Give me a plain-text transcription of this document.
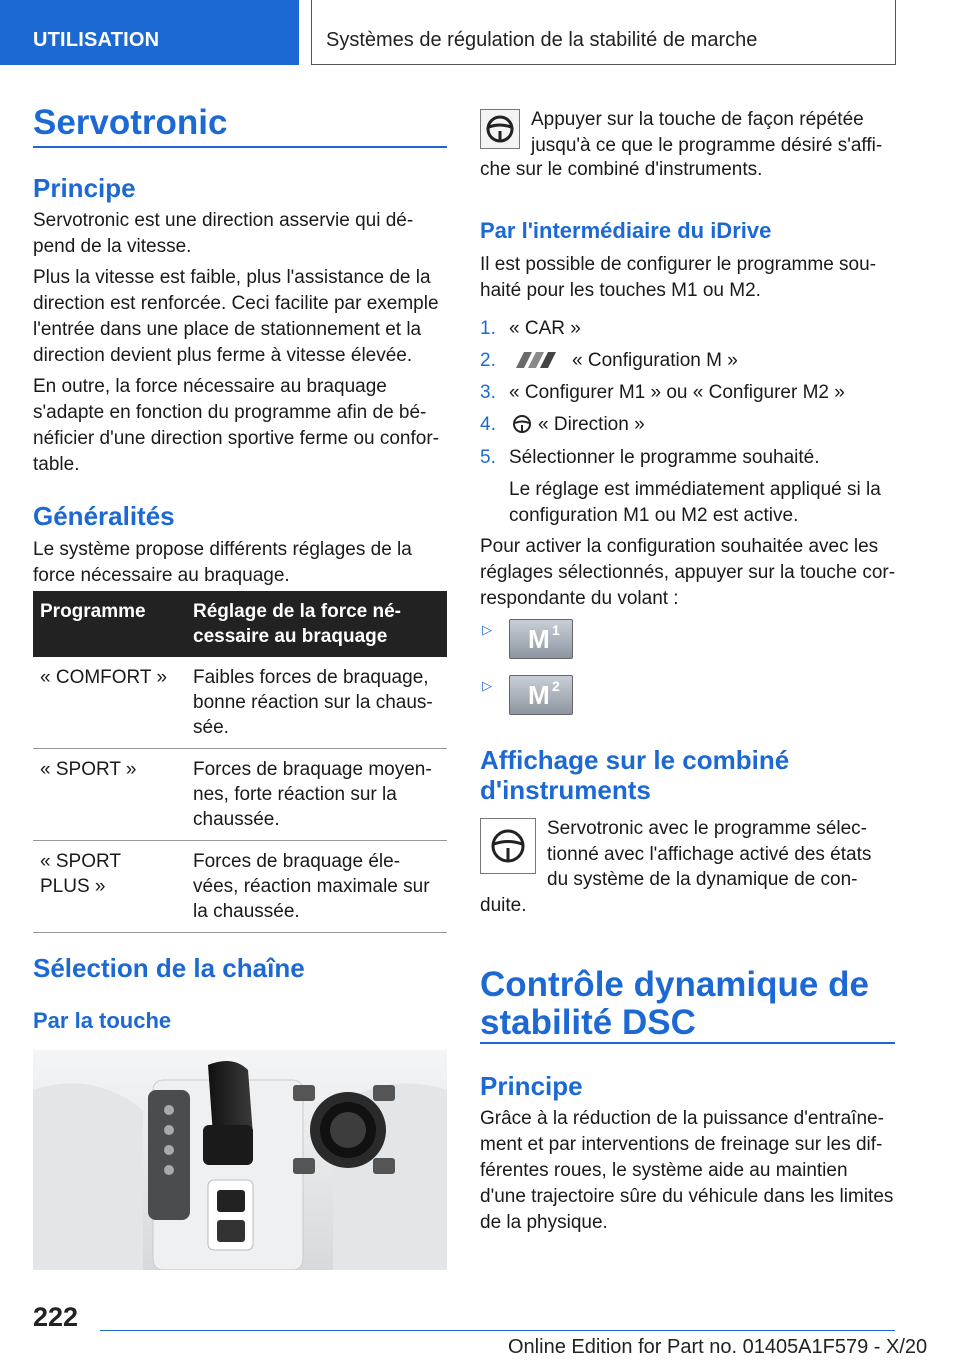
UTILISATION	Systèmes de régulation de la stabilité de marche
Servotronic
Principe
Servotronic est une direction asservie qui dé‐
pend de la vitesse.
Plus la vitesse est faible, plus l'assistance de la
direction est renforcée. Ceci facilite par exemple
l'entrée dans une place de stationnement et la
direction devient plus ferme à vitesse élevée.
En outre, la force nécessaire au braquage
s'adapte en fonction du programme afin de bé‐
néficier d'une direction sportive ferme ou confor‐
table.
Généralités
Le système propose différents réglages de la
force nécessaire au braquage.
Programme	Réglage de la force né‐
cessaire au braquage
« COMFORT »	Faibles forces de braquage,
bonne réaction sur la chaus‐
sée.
« SPORT »	Forces de braquage moyen‐
nes, forte réaction sur la
chaussée.
« SPORT
PLUS »	Forces de braquage éle‐
vées, réaction maximale sur
la chaussée.
Sélection de la chaîne
Par la touche
Appuyer sur la touche de façon répétée
jusqu'à ce que le programme désiré s'affi‐
che sur le combiné d'instruments.
Par l'intermédiaire du iDrive
Il est possible de configurer le programme sou‐
haité pour les touches M1 ou M2.
1. « CAR »
2.	« Configuration M »
3. « Configurer M1 » ou « Configurer M2 »
4. « Direction »
5. Sélectionner le programme souhaité.
Le réglage est immédiatement appliqué si la
configuration M1 ou M2 est active.
Pour activer la configuration souhaitée avec les
réglages sélectionnés, appuyer sur la touche cor‐
respondante du volant :
▷ M 1
▷ M 2
Affichage sur le combiné
d'instruments
Servotronic avec le programme sélec‐
tionné avec l'affichage activé des états
du système de la dynamique de con‐
duite.
Contrôle dynamique de
stabilité DSC
Principe
Grâce à la réduction de la puissance d'entraîne‐
ment et par interventions de freinage sur les dif‐
férentes roues, le système aide au maintien
d'une trajectoire sûre du véhicule dans les limites
de la physique.
222
Online Edition for Part no. 01405A1F579 - X/20
